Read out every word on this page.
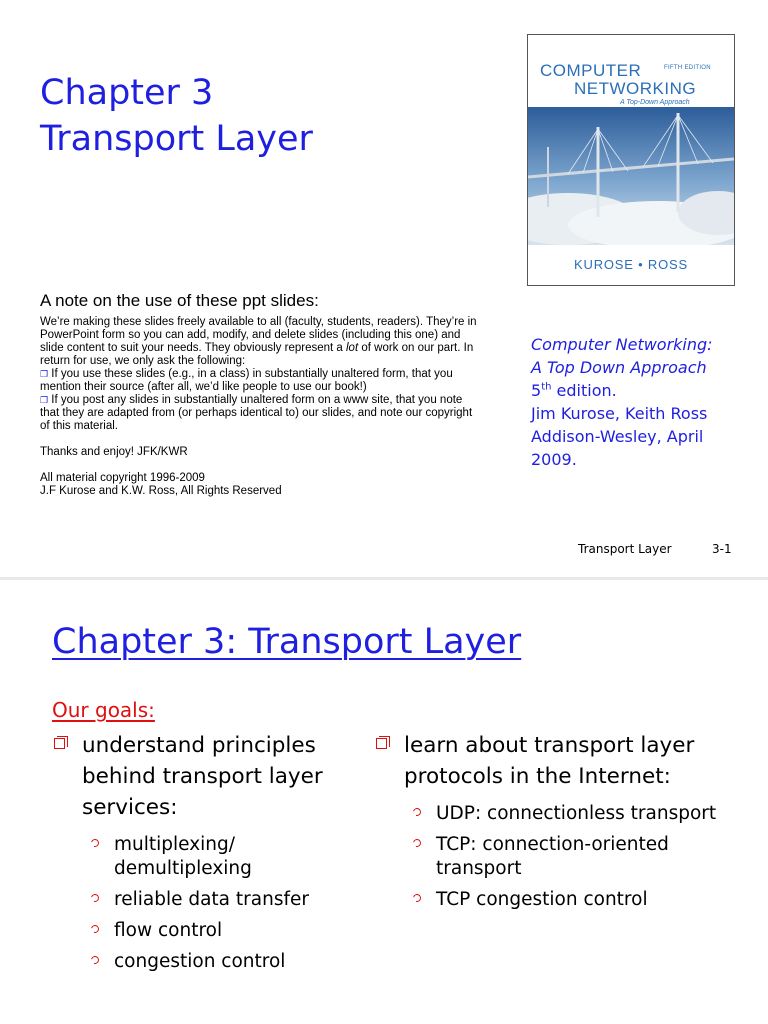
Chapter 3
Transport Layer
COMPUTER	FIFTH EDITION
NETWORKING
A Top-Down Approach
KUROSE • ROSS
A note on the use of these ppt slides:

We’re making these slides freely available to all (faculty, students, readers). They’re in PowerPoint form so you can add, modify, and delete slides (including this one) and slide content to suit your needs. They obviously represent a lot of work on our part. In return for use, we only ask the following:

❐ If you use these slides (e.g., in a class) in substantially unaltered form, that you mention their source (after all, we’d like people to use our book!)

❐ If you post any slides in substantially unaltered form on a www site, that you note that they are adapted from (or perhaps identical to) our slides, and note our copyright of this material.

Thanks and enjoy! JFK/KWR

All material copyright 1996-2009

J.F Kurose and K.W. Ross, All Rights Reserved

Computer Networking:
A Top Down Approach
5th edition.
Jim Kurose, Keith Ross
Addison-Wesley, April
2009.
Transport Layer	3-1
Chapter 3: Transport Layer
Our goals:
understand principles behind transport layer services:
multiplexing/ demultiplexing
reliable data transfer
flow control
congestion control
learn about transport layer protocols in the Internet:
UDP: connectionless transport
TCP: connection-oriented transport
TCP congestion control
